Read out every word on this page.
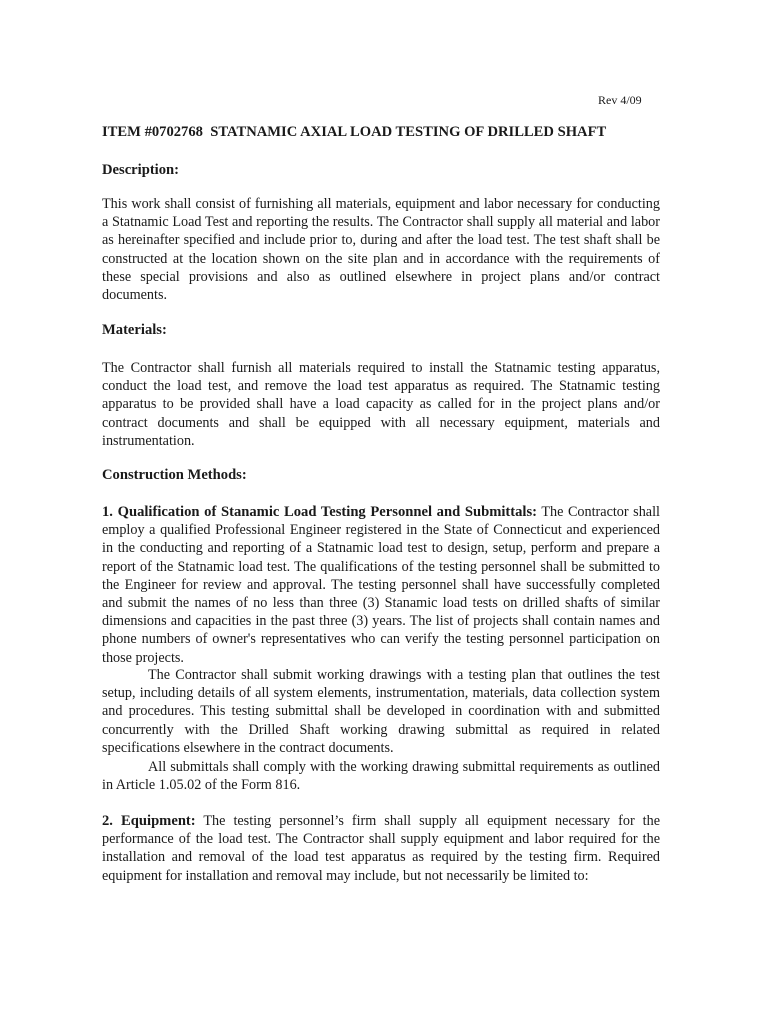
Rev 4/09
ITEM #0702768  STATNAMIC AXIAL LOAD TESTING OF DRILLED SHAFT
Description:

This work shall consist of furnishing all materials, equipment and labor necessary for conducting a Statnamic Load Test and reporting the results. The Contractor shall supply all material and labor as hereinafter specified and include prior to, during and after the load test. The test shaft shall be constructed at the location shown on the site plan and in accordance with the requirements of these special provisions and also as outlined elsewhere in project plans and/or contract documents.

Materials:

The Contractor shall furnish all materials required to install the Statnamic testing apparatus, conduct the load test, and remove the load test apparatus as required. The Statnamic testing apparatus to be provided shall have a load capacity as called for in the project plans and/or contract documents and shall be equipped with all necessary equipment, materials and instrumentation.

Construction Methods:

1. Qualification of Stanamic Load Testing Personnel and Submittals: The Contractor shall employ a qualified Professional Engineer registered in the State of Connecticut and experienced in the conducting and reporting of a Statnamic load test to design, setup, perform and prepare a report of the Statnamic load test. The qualifications of the testing personnel shall be submitted to the Engineer for review and approval. The testing personnel shall have successfully completed and submit the names of no less than three (3) Stanamic load tests on drilled shafts of similar dimensions and capacities in the past three (3) years. The list of projects shall contain names and phone numbers of owner's representatives who can verify the testing personnel participation on those projects.

The Contractor shall submit working drawings with a testing plan that outlines the test setup, including details of all system elements, instrumentation, materials, data collection system and procedures. This testing submittal shall be developed in coordination with and submitted concurrently with the Drilled Shaft working drawing submittal as required in related specifications elsewhere in the contract documents.

All submittals shall comply with the working drawing submittal requirements as outlined in Article 1.05.02 of the Form 816.

2. Equipment: The testing personnel’s firm shall supply all equipment necessary for the performance of the load test. The Contractor shall supply equipment and labor required for the installation and removal of the load test apparatus as required by the testing firm. Required equipment for installation and removal may include, but not necessarily be limited to:
